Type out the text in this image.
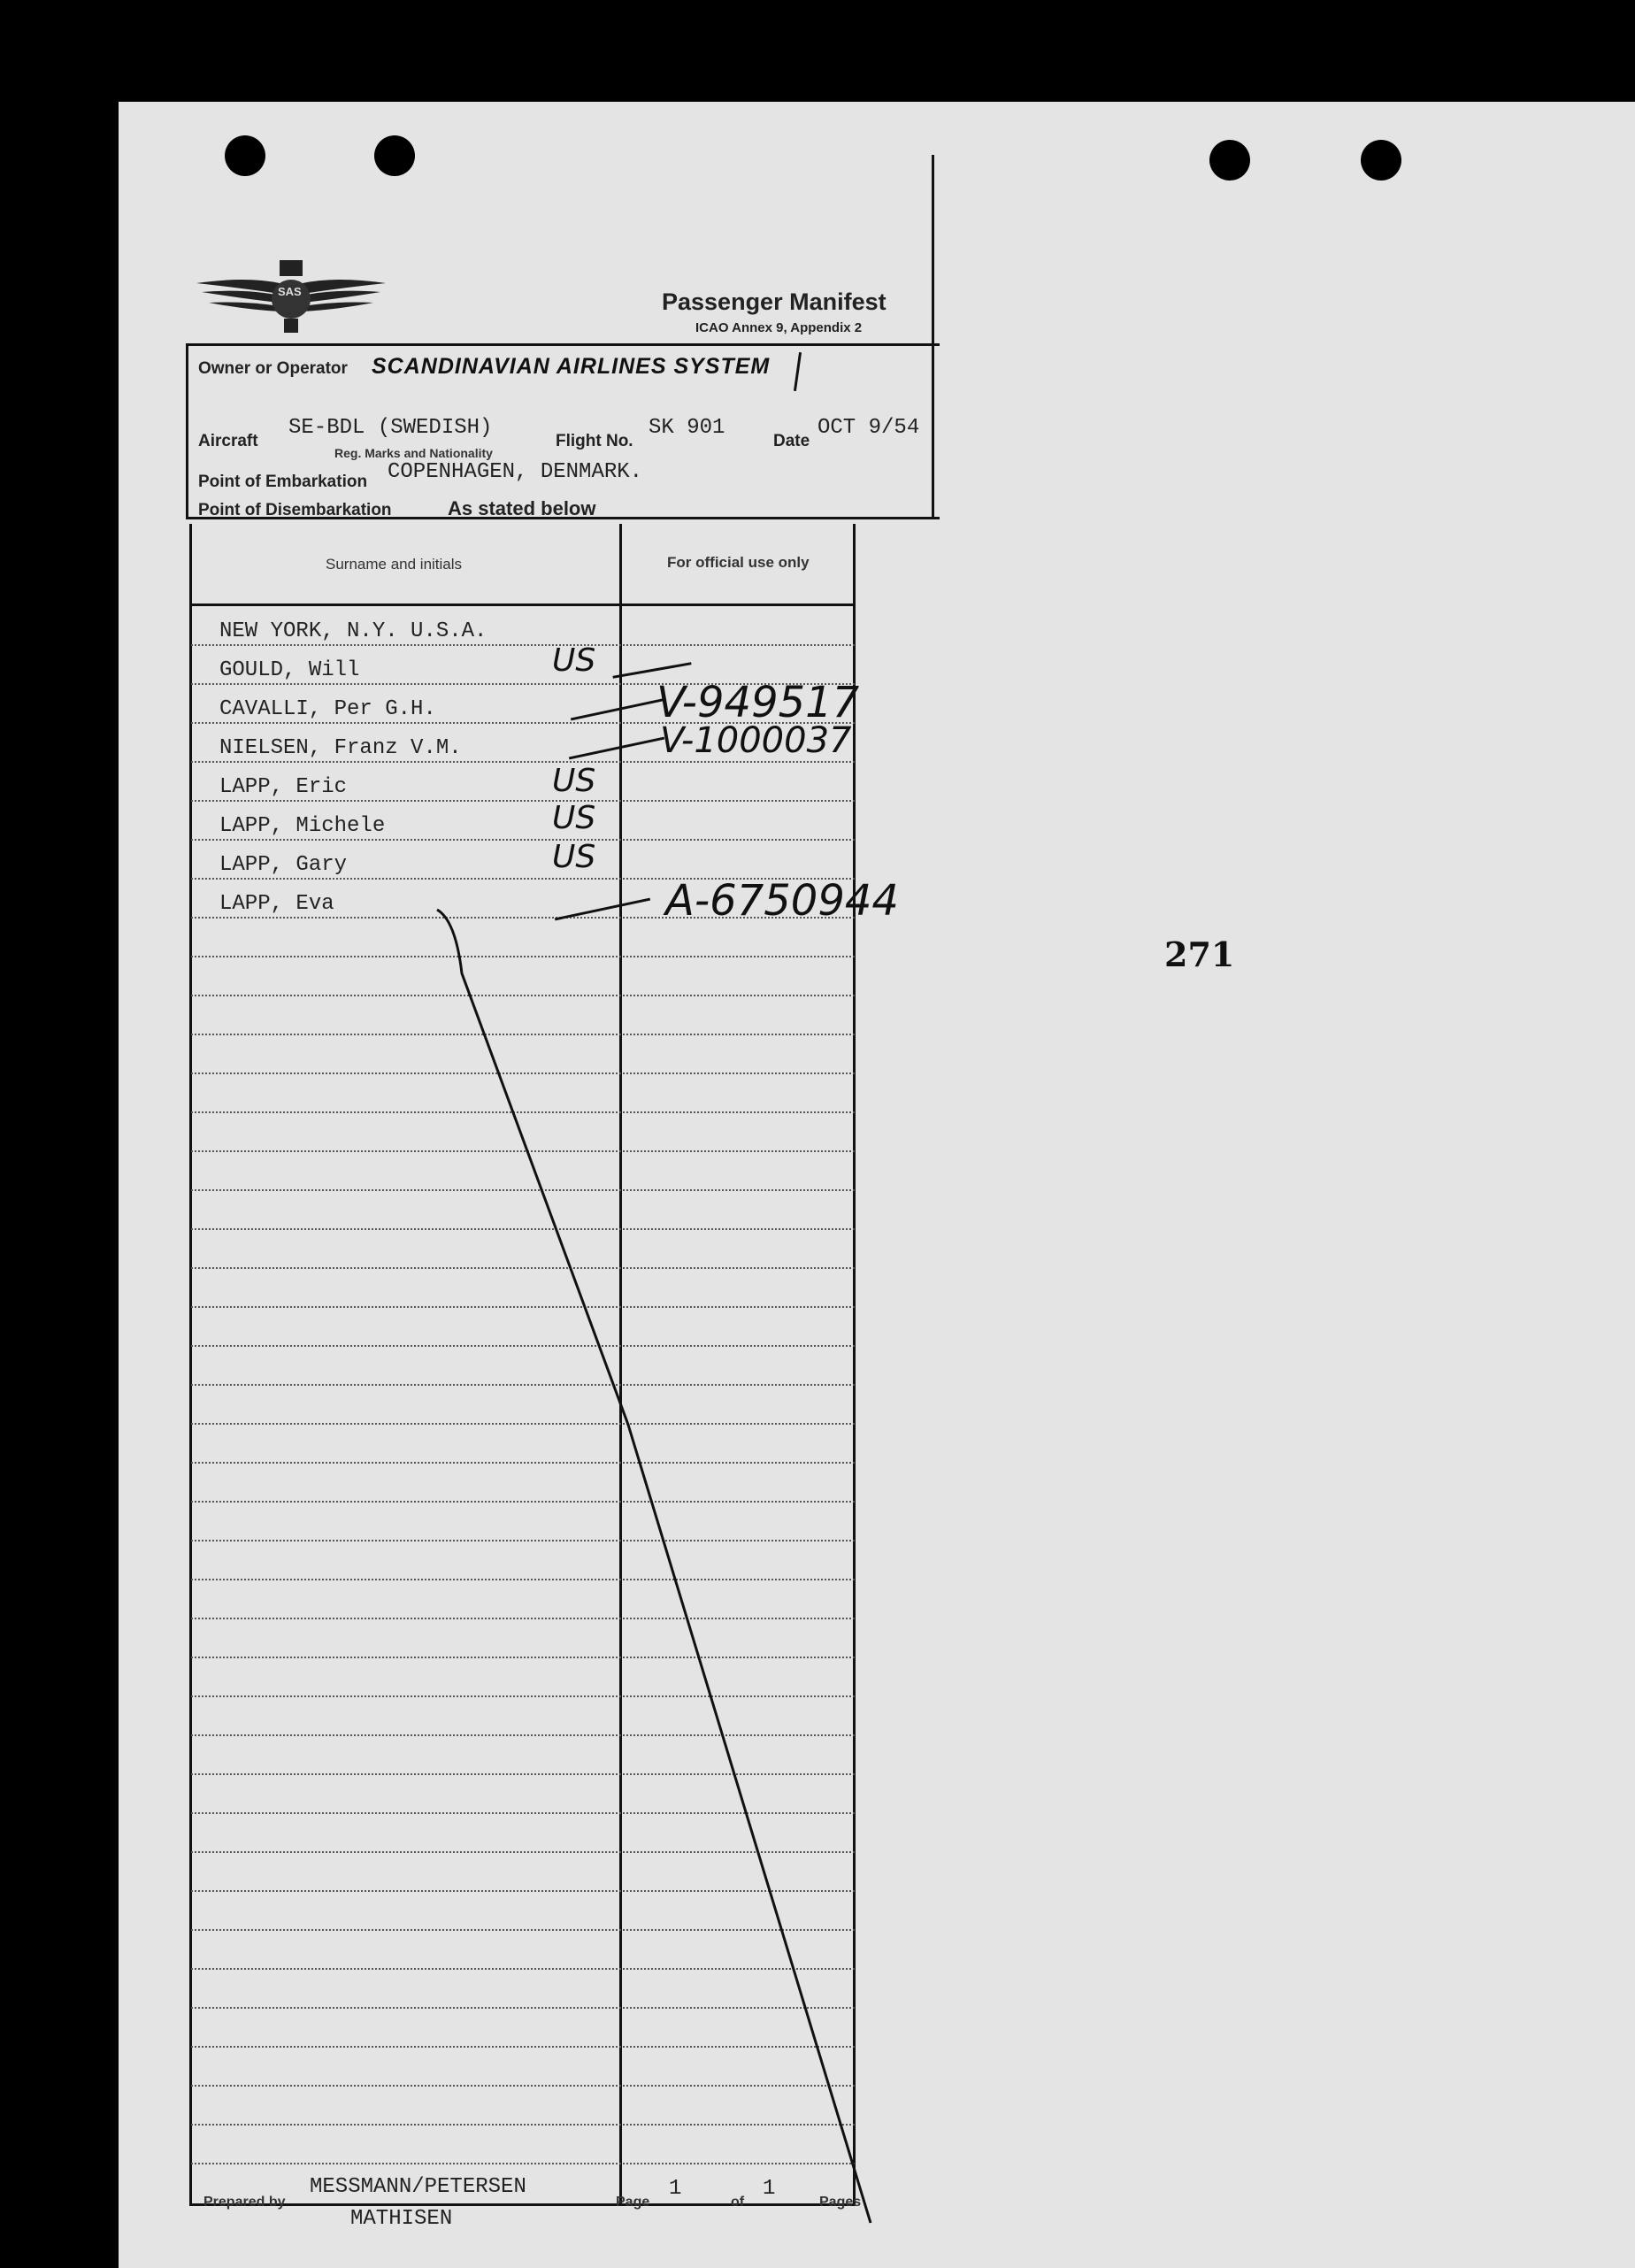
SAS	Passenger Manifest
ICAO Annex 9, Appendix 2
Owner or Operator SCANDINAVIAN AIRLINES SYSTEM
Aircraft
SE-BDL (SWEDISH)
Reg. Marks and Nationality
Flight No.
SK 901
Date
OCT 9/54
Point of Embarkation COPENHAGEN, DENMARK.
Point of Disembarkation	As stated below
Surname and initials	For official use only
NEW YORK, N.Y. U.S.A.
GOULD, Will	US
CAVALLI, Per G.H.	V-949517
NIELSEN, Franz V.M.	V-1000037
LAPP, Eric	US
LAPP, Michele	US
LAPP, Gary	US
LAPP, Eva	A-6750944
Prepared by
MESSMANN/PETERSEN
MATHISEN
Page
1
of
1
Pages
271
